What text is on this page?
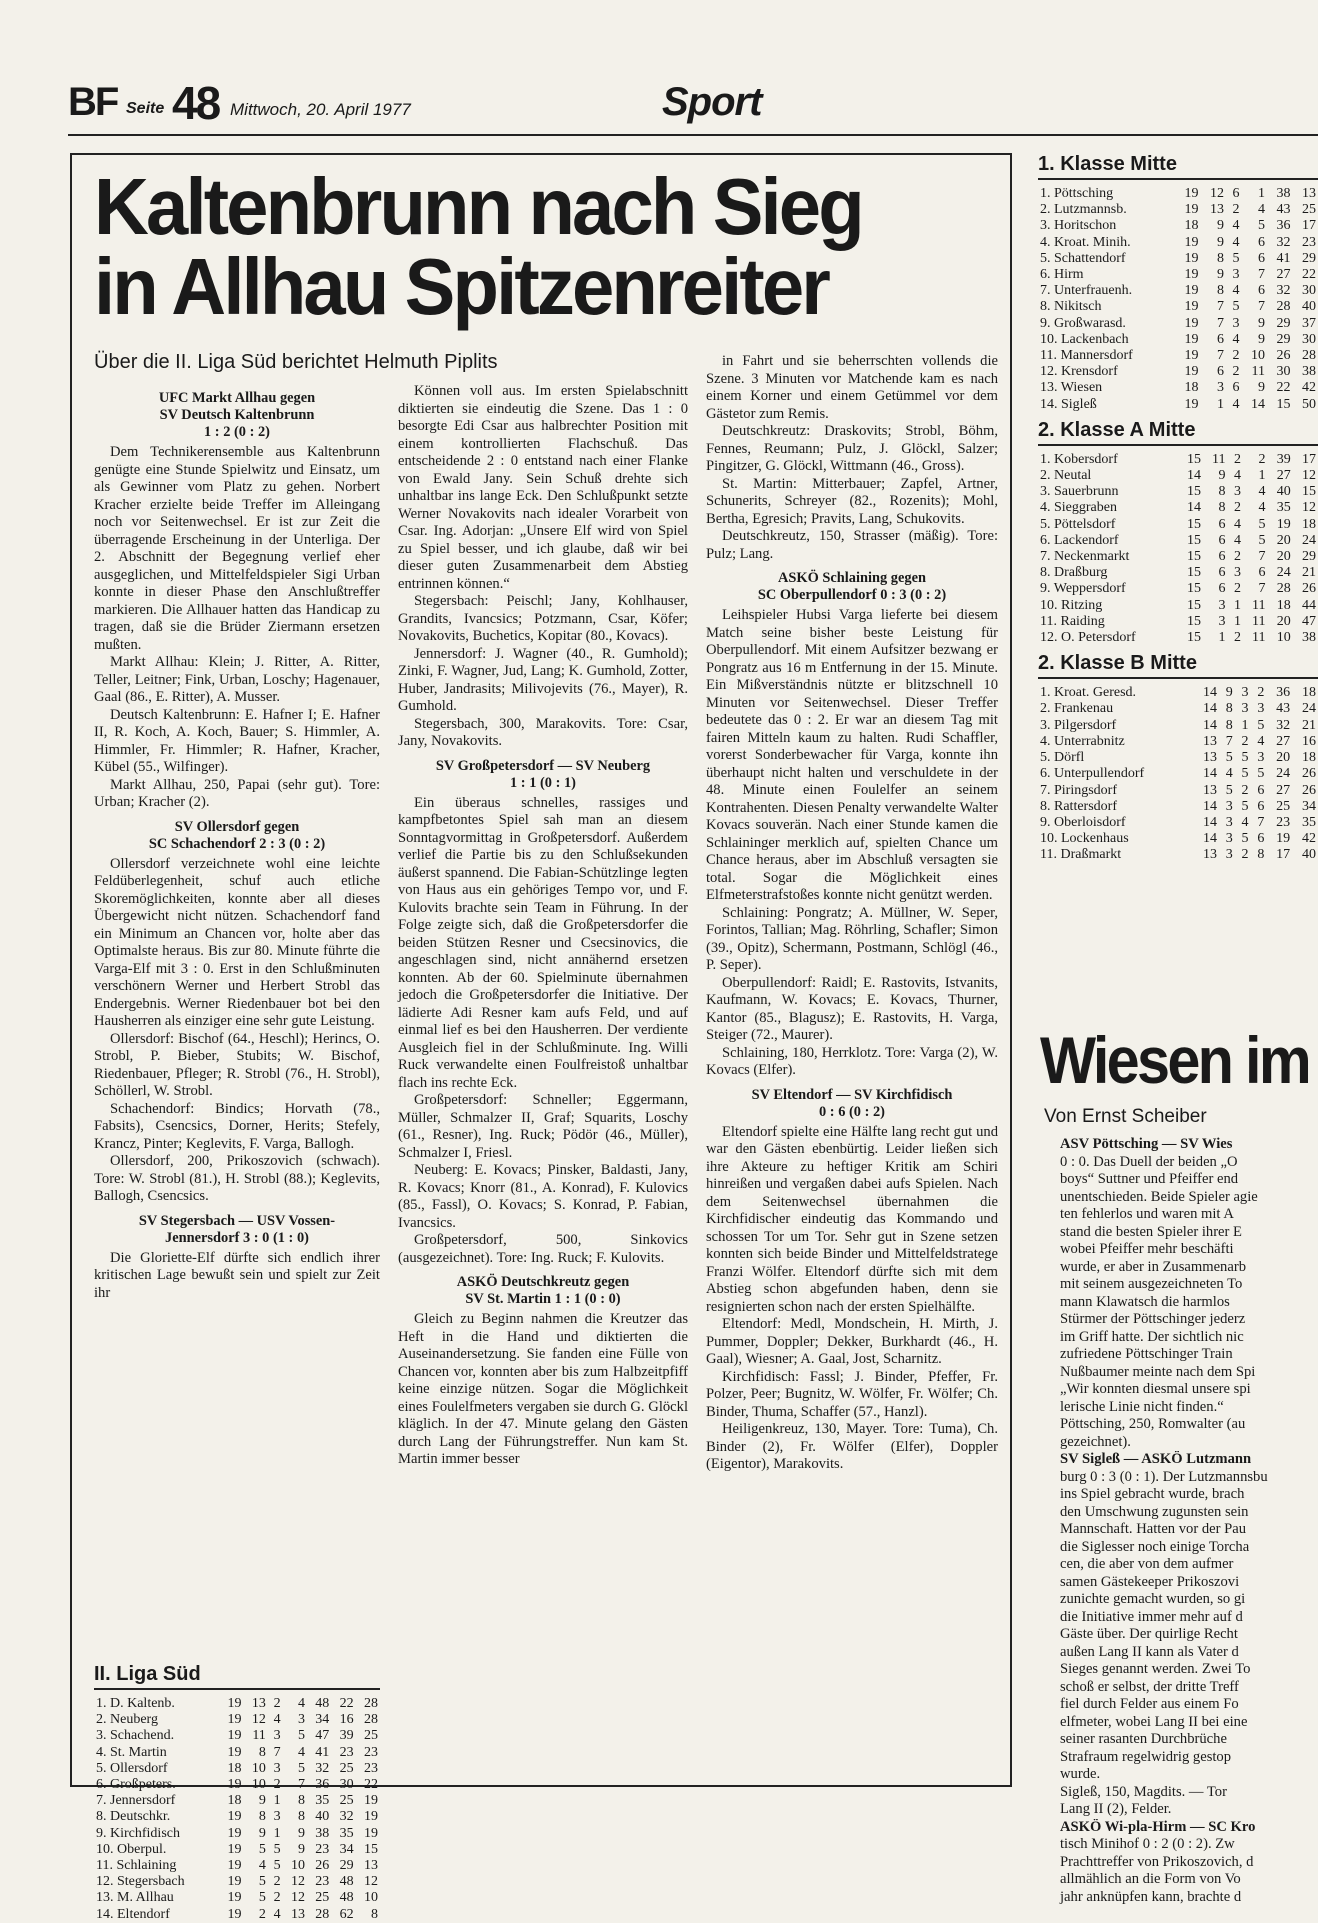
BF Seite 48 Mittwoch, 20. April 1977	Sport
Kaltenbrunn nach Sieg
in Allhau Spitzenreiter
Über die II. Liga Süd berichtet Helmuth Piplits
UFC Markt Allhau gegen
SV Deutsch Kaltenbrunn
1 : 2 (0 : 2)

Dem Technikerensemble aus Kaltenbrunn genügte eine Stunde Spielwitz und Einsatz, um als Gewinner vom Platz zu gehen. Norbert Kracher erzielte beide Treffer im Alleingang noch vor Seitenwechsel. Er ist zur Zeit die überragende Erscheinung in der Unterliga. Der 2. Abschnitt der Begegnung verlief eher ausgeglichen, und Mittelfeldspieler Sigi Urban konnte in dieser Phase den Anschlußtreffer markieren. Die Allhauer hatten das Handicap zu tragen, daß sie die Brüder Ziermann ersetzen mußten.

Markt Allhau: Klein; J. Ritter, A. Ritter, Teller, Leitner; Fink, Urban, Loschy; Hagenauer, Gaal (86., E. Ritter), A. Musser.

Deutsch Kaltenbrunn: E. Hafner I; E. Hafner II, R. Koch, A. Koch, Bauer; S. Himmler, A. Himmler, Fr. Himmler; R. Hafner, Kracher, Kübel (55., Wilfinger).

Markt Allhau, 250, Papai (sehr gut). Tore: Urban; Kracher (2).

SV Ollersdorf gegen
SC Schachendorf 2 : 3 (0 : 2)

Ollersdorf verzeichnete wohl eine leichte Feldüberlegenheit, schuf auch etliche Skoremöglichkeiten, konnte aber all dieses Übergewicht nicht nützen. Schachendorf fand ein Minimum an Chancen vor, holte aber das Optimalste heraus. Bis zur 80. Minute führte die Varga-Elf mit 3 : 0. Erst in den Schlußminuten verschönern Werner und Herbert Strobl das Endergebnis. Werner Riedenbauer bot bei den Hausherren als einziger eine sehr gute Leistung.

Ollersdorf: Bischof (64., Heschl); Herincs, O. Strobl, P. Bieber, Stubits; W. Bischof, Riedenbauer, Pfleger; R. Strobl (76., H. Strobl), Schöllerl, W. Strobl.

Schachendorf: Bindics; Horvath (78., Fabsits), Csencsics, Dorner, Herits; Stefely, Krancz, Pinter; Keglevits, F. Varga, Ballogh.

Ollersdorf, 200, Prikoszovich (schwach). Tore: W. Strobl (81.), H. Strobl (88.); Keglevits, Ballogh, Csencsics.

SV Stegersbach — USV Vossen-
Jennersdorf 3 : 0 (1 : 0)

Die Gloriette-Elf dürfte sich endlich ihrer kritischen Lage bewußt sein und spielt zur Zeit ihr

II. Liga Süd
1. D. Kaltenb.	19	13	2	4	48	22	28
2. Neuberg	19	12	4	3	34	16	28
3. Schachend.	19	11	3	5	47	39	25
4. St. Martin	19	8	7	4	41	23	23
5. Ollersdorf	18	10	3	5	32	25	23
6. Großpeters.	19	10	2	7	36	30	22
7. Jennersdorf	18	9	1	8	35	25	19
8. Deutschkr.	19	8	3	8	40	32	19
9. Kirchfidisch	19	9	1	9	38	35	19
10. Oberpul.	19	5	5	9	23	34	15
11. Schlaining	19	4	5	10	26	29	13
12. Stegersbach	19	5	2	12	23	48	12
13. M. Allhau	19	5	2	12	25	48	10
14. Eltendorf	19	2	4	13	28	62	8

Können voll aus. Im ersten Spielabschnitt diktierten sie eindeutig die Szene. Das 1 : 0 besorgte Edi Csar aus halbrechter Position mit einem kontrollierten Flachschuß. Das entscheidende 2 : 0 entstand nach einer Flanke von Ewald Jany. Sein Schuß drehte sich unhaltbar ins lange Eck. Den Schlußpunkt setzte Werner Novakovits nach idealer Vorarbeit von Csar. Ing. Adorjan: „Unsere Elf wird von Spiel zu Spiel besser, und ich glaube, daß wir bei dieser guten Zusammenarbeit dem Abstieg entrinnen können.“

Stegersbach: Peischl; Jany, Kohlhauser, Grandits, Ivancsics; Potzmann, Csar, Köfer; Novakovits, Buchetics, Kopitar (80., Kovacs).

Jennersdorf: J. Wagner (40., R. Gumhold); Zinki, F. Wagner, Jud, Lang; K. Gumhold, Zotter, Huber, Jandrasits; Milivojevits (76., Mayer), R. Gumhold.

Stegersbach, 300, Marakovits. Tore: Csar, Jany, Novakovits.

SV Großpetersdorf — SV Neuberg
1 : 1 (0 : 1)

Ein überaus schnelles, rassiges und kampfbetontes Spiel sah man an diesem Sonntagvormittag in Großpetersdorf. Außerdem verlief die Partie bis zu den Schlußsekunden äußerst spannend. Die Fabian-Schützlinge legten von Haus aus ein gehöriges Tempo vor, und F. Kulovits brachte sein Team in Führung. In der Folge zeigte sich, daß die Großpetersdorfer die beiden Stützen Resner und Csecsinovics, die angeschlagen sind, nicht annähernd ersetzen konnten. Ab der 60. Spielminute übernahmen jedoch die Großpetersdorfer die Initiative. Der lädierte Adi Resner kam aufs Feld, und auf einmal lief es bei den Hausherren. Der verdiente Ausgleich fiel in der Schlußminute. Ing. Willi Ruck verwandelte einen Foulfreistoß unhaltbar flach ins rechte Eck.

Großpetersdorf: Schneller; Eggermann, Müller, Schmalzer II, Graf; Squarits, Loschy (61., Resner), Ing. Ruck; Pödör (46., Müller), Schmalzer I, Friesl.

Neuberg: E. Kovacs; Pinsker, Baldasti, Jany, R. Kovacs; Knorr (81., A. Konrad), F. Kulovics (85., Fassl), O. Kovacs; S. Konrad, P. Fabian, Ivancsics.

Großpetersdorf, 500, Sinkovics (ausgezeichnet). Tore: Ing. Ruck; F. Kulovits.

ASKÖ Deutschkreutz gegen
SV St. Martin 1 : 1 (0 : 0)

Gleich zu Beginn nahmen die Kreutzer das Heft in die Hand und diktierten die Auseinandersetzung. Sie fanden eine Fülle von Chancen vor, konnten aber bis zum Halbzeitpfiff keine einzige nützen. Sogar die Möglichkeit eines Foulelfmeters vergaben sie durch G. Glöckl kläglich. In der 47. Minute gelang den Gästen durch Lang der Führungstreffer. Nun kam St. Martin immer besser

in Fahrt und sie beherrschten vollends die Szene. 3 Minuten vor Matchende kam es nach einem Korner und einem Getümmel vor dem Gästetor zum Remis.

Deutschkreutz: Draskovits; Strobl, Böhm, Fennes, Reumann; Pulz, J. Glöckl, Salzer; Pingitzer, G. Glöckl, Wittmann (46., Gross).

St. Martin: Mitterbauer; Zapfel, Artner, Schunerits, Schreyer (82., Rozenits); Mohl, Bertha, Egresich; Pravits, Lang, Schukovits.

Deutschkreutz, 150, Strasser (mäßig). Tore: Pulz; Lang.

ASKÖ Schlaining gegen
SC Oberpullendorf 0 : 3 (0 : 2)

Leihspieler Hubsi Varga lieferte bei diesem Match seine bisher beste Leistung für Oberpullendorf. Mit einem Aufsitzer bezwang er Pongratz aus 16 m Entfernung in der 15. Minute. Ein Mißverständnis nützte er blitzschnell 10 Minuten vor Seitenwechsel. Dieser Treffer bedeutete das 0 : 2. Er war an diesem Tag mit fairen Mitteln kaum zu halten. Rudi Schaffler, vorerst Sonderbewacher für Varga, konnte ihn überhaupt nicht halten und verschuldete in der 48. Minute einen Foulelfer an seinem Kontrahenten. Diesen Penalty verwandelte Walter Kovacs souverän. Nach einer Stunde kamen die Schlaininger merklich auf, spielten Chance um Chance heraus, aber im Abschluß versagten sie total. Sogar die Möglichkeit eines Elfmeterstrafstoßes konnte nicht genützt werden.

Schlaining: Pongratz; A. Müllner, W. Seper, Forintos, Tallian; Mag. Röhrling, Schafler; Simon (39., Opitz), Schermann, Postmann, Schlögl (46., P. Seper).

Oberpullendorf: Raidl; E. Rastovits, Istvanits, Kaufmann, W. Kovacs; E. Kovacs, Thurner, Kantor (85., Blagusz); E. Rastovits, H. Varga, Steiger (72., Maurer).

Schlaining, 180, Herrklotz. Tore: Varga (2), W. Kovacs (Elfer).

SV Eltendorf — SV Kirchfidisch
0 : 6 (0 : 2)

Eltendorf spielte eine Hälfte lang recht gut und war den Gästen ebenbürtig. Leider ließen sich ihre Akteure zu heftiger Kritik am Schiri hinreißen und vergaßen dabei aufs Spielen. Nach dem Seitenwechsel übernahmen die Kirchfidischer eindeutig das Kommando und schossen Tor um Tor. Sehr gut in Szene setzen konnten sich beide Binder und Mittelfeldstratege Franzi Wölfer. Eltendorf dürfte sich mit dem Abstieg schon abgefunden haben, denn sie resignierten schon nach der ersten Spielhälfte.

Eltendorf: Medl, Mondschein, H. Mirth, J. Pummer, Doppler; Dekker, Burkhardt (46., H. Gaal), Wiesner; A. Gaal, Jost, Scharnitz.

Kirchfidisch: Fassl; J. Binder, Pfeffer, Fr. Polzer, Peer; Bugnitz, W. Wölfer, Fr. Wölfer; Ch. Binder, Thuma, Schaffer (57., Hanzl).

Heiligenkreuz, 130, Mayer. Tore: Tuma), Ch. Binder (2), Fr. Wölfer (Elfer), Doppler (Eigentor), Marakovits.

1. Klasse Mitte
1. Pöttsching	19	12	6	1	38	13
2. Lutzmannsb.	19	13	2	4	43	25
3. Horitschon	18	9	4	5	36	17
4. Kroat. Minih.	19	9	4	6	32	23
5. Schattendorf	19	8	5	6	41	29
6. Hirm	19	9	3	7	27	22
7. Unterfrauenh.	19	8	4	6	32	30
8. Nikitsch	19	7	5	7	28	40
9. Großwarasd.	19	7	3	9	29	37
10. Lackenbach	19	6	4	9	29	30
11. Mannersdorf	19	7	2	10	26	28
12. Krensdorf	19	6	2	11	30	38
13. Wiesen	18	3	6	9	22	42
14. Sigleß	19	1	4	14	15	50
2. Klasse A Mitte
1. Kobersdorf	15	11	2	2	39	17
2. Neutal	14	9	4	1	27	12
3. Sauerbrunn	15	8	3	4	40	15
4. Sieggraben	14	8	2	4	35	12
5. Pöttelsdorf	15	6	4	5	19	18
6. Lackendorf	15	6	4	5	20	24
7. Neckenmarkt	15	6	2	7	20	29
8. Draßburg	15	6	3	6	24	21
9. Weppersdorf	15	6	2	7	28	26
10. Ritzing	15	3	1	11	18	44
11. Raiding	15	3	1	11	20	47
12. O. Petersdorf	15	1	2	11	10	38
2. Klasse B Mitte
1. Kroat. Geresd.	14	9	3	2	36	18
2. Frankenau	14	8	3	3	43	24
3. Pilgersdorf	14	8	1	5	32	21
4. Unterrabnitz	13	7	2	4	27	16
5. Dörfl	13	5	5	3	20	18
6. Unterpullendorf	14	4	5	5	24	26
7. Piringsdorf	13	5	2	6	27	26
8. Rattersdorf	14	3	5	6	25	34
9. Oberloisdorf	14	3	4	7	23	35
10. Lockenhaus	14	3	5	6	19	42
11. Draßmarkt	13	3	2	8	17	40
Wiesen im
Von Ernst Scheiber

ASV Pöttsching — SV Wies

0 : 0. Das Duell der beiden „O

boys“ Suttner und Pfeiffer end

unentschieden. Beide Spieler agie

ten fehlerlos und waren mit A

stand die besten Spieler ihrer E

wobei Pfeiffer mehr beschäfti

wurde, er aber in Zusammenarb

mit seinem ausgezeichneten To

mann Klawatsch die harmlos

Stürmer der Pöttschinger jederz

im Griff hatte. Der sichtlich nic

zufriedene Pöttschinger Train

Nußbaumer meinte nach dem Spi

„Wir konnten diesmal unsere spi

lerische Linie nicht finden.“

Pöttsching, 250, Romwalter (au

gezeichnet).

SV Sigleß — ASKÖ Lutzmann

burg 0 : 3 (0 : 1). Der Lutzmannsbu

ins Spiel gebracht wurde, brach

den Umschwung zugunsten sein

Mannschaft. Hatten vor der Pau

die Siglesser noch einige Torcha

cen, die aber von dem aufmer

samen Gästekeeper Prikoszovi

zunichte gemacht wurden, so gi

die Initiative immer mehr auf d

Gäste über. Der quirlige Recht

außen Lang II kann als Vater d

Sieges genannt werden. Zwei To

schoß er selbst, der dritte Treff

fiel durch Felder aus einem Fo

elfmeter, wobei Lang II bei eine

seiner rasanten Durchbrüche

Strafraum regelwidrig gestop

wurde.

Sigleß, 150, Magdits. — Tor

Lang II (2), Felder.

ASKÖ Wi-pla-Hirm — SC Kro

tisch Minihof 0 : 2 (0 : 2). Zw

Prachttreffer von Prikoszovich, d

allmählich an die Form von Vo

jahr anknüpfen kann, brachte d
